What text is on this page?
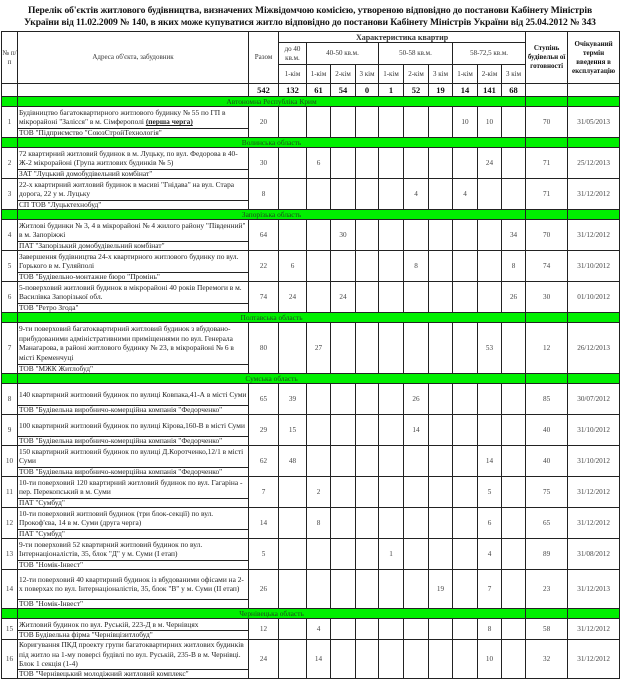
Перелік об'єктів житлового будівництва, визначених Міжвідомчою комісією, утвореною відповідно до постанови Кабінету Міністрів
України від 11.02.2009 № 140, в яких може купуватися житло відповідно до постанови Кабінету Міністрів України від 25.04.2012 № 343
№ п/п	Адреса об'єкта, забудовник	Разом	Характеристика квартир										Ступінь будівельн ої готовності	Очікуваний термін введення в експлуатацію
			до 40 кв.м.	40-50 кв.м.			50-58 кв.м.			58-72,5 кв.м.				
			1-кім	1-кім	2-кім	3 кім	1-кім	2-кім	3 кім	1-кім	2-кім	3 кім		
		542	132	61	54	0	1	52	19	14	141	68		
	Автономна Республіка Крим													
1	Будівництво багатоквартирного житлового будинку № 55 по ГП в мікрорайоні "Залісся" в м. Сімферополі (перша черга)
ТОВ "Підприємство "СоюзСтройТехнологія"	20								10	10		70	31/05/2013
	Волинська область													
2	72 квартирний житловий будинок в м. Луцьку, по вул. Федорова в 40-Ж-2 мікрорайоні (Група житлових будинків № 5)
ЗАТ "Луцький домобудівельний комбінат"	30		6							24		71	25/12/2013
3	22-х квартирний житловий будинок в масиві "Гнідава" на вул. Стара дорога, 22 у м. Луцьку
СП ТОВ "Луцьктехнобуд"	8						4		4			71	31/12/2012
	Запорізька область													
4	Житлові будинки № 3, 4 в мікрорайоні № 4 жилого району "Південний" в м. Запоріжжі
ПАТ "Запорізький домобудівельний комбінат"	64			30							34	70	31/12/2012
5	Завершення будівництва 24-х квартирного житлового будинку по вул. Горького в м. Гуляйполі
ТОВ "Будівельно-монтажне бюро "Промінь"	22	6					8				8	74	31/10/2012
6	5-поверховий житловий будинок в мікрорайоні 40 років Перемоги в м. Василівка Запорізької обл.
ТОВ "Ретро Згода"	74	24		24							26	30	01/10/2012
	Полтавська область													
7	9-ти поверховий багатоквартирний житловий будинок з вбудовано-прибудованими адміністративними приміщеннями по вул. Генерала Манагарова, в районі житлового будинку № 23, в мікрорайоні № 6 в місті Кременчуці
ТОВ "МЖК Житлобуд"	80		27							53		12	26/12/2013
	Сумська область													
8	140 квартирний житловий будинок по вулиці Ковпака,41-А в місті Суми
ТОВ "Будівельна виробничо-комерційна компанія "Федорченко"	65	39					26					85	30/07/2012
9	100 квартирний житловий будинок по вулиці Кірова,160-В в місті Суми
ТОВ "Будівельна виробничо-комерційна компанія "Федорченко"	29	15					14					40	31/10/2012
10	150 квартирний житловий будинок по вулиці Д.Коротченко,12/1 в місті Суми
ТОВ "Будівельна виробничо-комерційна компанія "Федорченко"	62	48								14		40	31/10/2012
11	10-ти поверховий 120 квартирний житловий будинок по вул. Гагаріна - пер. Перекопський в м. Суми
ПАТ "Сумбуд"	7		2							5		75	31/12/2012
12	10-ти поверховий житловий будинок (три блок-секції) по вул. Прокоф'єва, 14 в м. Суми (друга черга)
ПАТ "Сумбуд"	14		8							6		65	31/12/2012
13	9-ти поверховий 52 квартирний житловий будинок по вул. Інтернаціоналістів, 35, блок "Д" у м. Суми (І етап)
ТОВ "Номік-Інвест"	5					1				4		89	31/08/2012
14	12-ти поверховий 40 квартирний будинок із вбудованими офісами на 2-х поверхах по вул. Інтернаціоналістів, 35, блок "В" у м. Суми (ІІ етап)
ТОВ "Номік-Інвест"	26							19		7		23	31/12/2013
	Чернівецька область													
15	Житловий будинок по вул. Руській, 223-Д в м. Чернівцях
ТОВ Будівельна фірма "Чернівцізитлобуд"	12		4							8		58	31/12/2012
16	Коригування ПКД проекту групи багатоквартирних житлових будинків під житло на 1-му поверсі будівлі по вул. Руській, 235-В в м. Чернівці. Блок 1 секція (1-4)
ТОВ "Чернівецький молодіжний житловий комплекс"	24		14							10		32	31/12/2012
